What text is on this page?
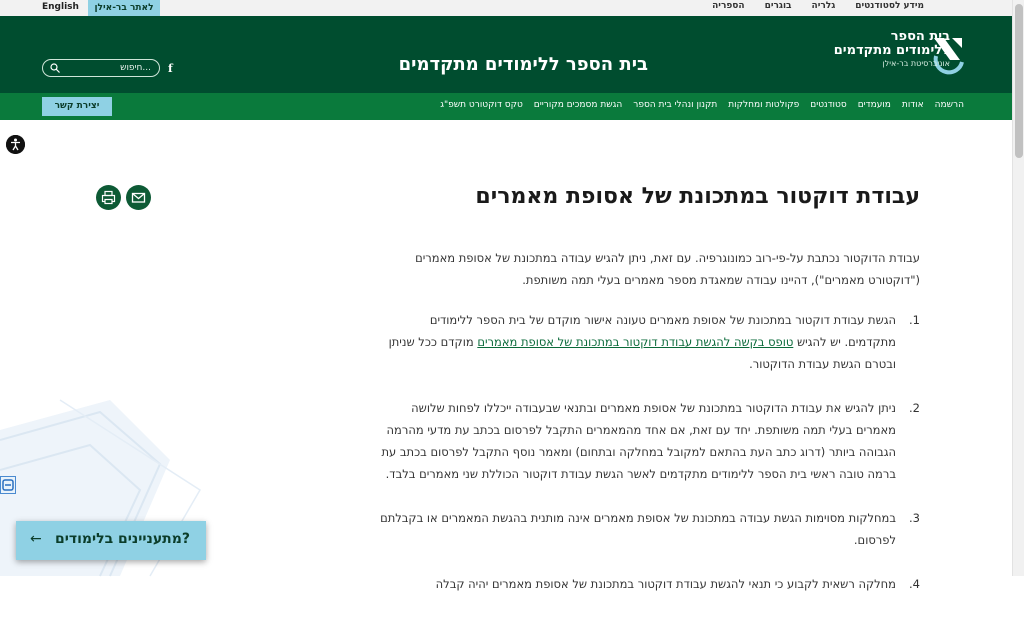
מידע לסטודנטים
גלריה
בוגרים
הספריה
English	לאתר בר-אילן
בית הספר
ללימודים מתקדמים
אוניברסיטת בר-אילן
בית הספר ללימודים מתקדמים
חיפוש...
f
הרשמה
אודות
מועמדים
סטודנטים
פקולטות ומחלקות
תקנון ונהלי בית הספר
הגשת מסמכים מקוריים
טקס דוקטורט תשפ"ג
יצירת קשר
עבודת דוקטור במתכונת של אסופת מאמרים

עבודת הדוקטור נכתבת על-פי-רוב כמונוגרפיה. עם זאת, ניתן להגיש עבודה במתכונת של אסופת מאמרים ("דוקטורט מאמרים"), דהיינו עבודה שמאגדת מספר מאמרים בעלי תמה משותפת.

1.
הגשת עבודת דוקטור במתכונת של אסופת מאמרים טעונה אישור מוקדם של בית הספר ללימודים מתקדמים. יש להגיש טופס בקשה להגשת עבודת דוקטור במתכונת של אסופת מאמרים מוקדם ככל שניתן ובטרם הגשת עבודת הדוקטור.
2.
ניתן להגיש את עבודת הדוקטור במתכונת של אסופת מאמרים ובתנאי שבעבודה ייכללו לפחות שלושה מאמרים בעלי תמה משותפת. יחד עם זאת, אם אחד מהמאמרים התקבל לפרסום בכתב עת מדעי מהרמה הגבוהה ביותר (דרוג כתב העת בהתאם למקובל במחלקה ובתחום) ומאמר נוסף התקבל לפרסום בכתב עת ברמה טובה ראשי בית הספר ללימודים מתקדמים לאשר הגשת עבודת דוקטור הכוללת שני מאמרים בלבד.
3.
במחלקות מסוימות הגשת עבודה במתכונת של אסופת מאמרים אינה מותנית בהגשת המאמרים או בקבלתם לפרסום.
4.
מחלקה רשאית לקבוע כי תנאי להגשת עבודת דוקטור במתכונת של אסופת מאמרים יהיה קבלה
מתעניינים בלימודים?
←
